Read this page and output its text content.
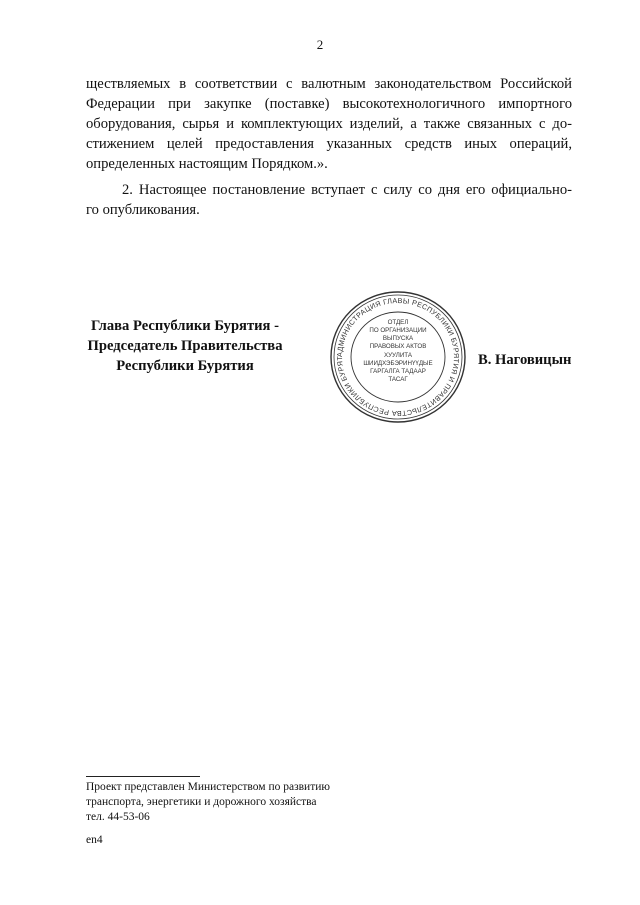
2
ществляемых в соответствии с валютным законодательством Российской
Федерации при закупке (поставке) высокотехнологичного импортного
оборудования, сырья и комплектующих изделий, а также связанных с до-
стижением целей предоставления указанных средств иных операций,
определенных настоящим Порядком.».
2. Настоящее постановление вступает с силу со дня его официально-
го опубликования.
Глава Республики Бурятия -
Председатель Правительства
Республики Бурятия
АДМИНИСТРАЦИЯ ГЛАВЫ РЕСПУБЛИКИ БУРЯТИЯ И ПРАВИТЕЛЬСТВА РЕСПУБЛИКИ БУРЯТ
ОТДЕЛ
ПО ОРГАНИЗАЦИИ
ВЫПУСКА
ПРАВОВЫХ АКТОВ
ХУУЛИТА
ШИИДХЭБЭРИНҮҮДЫЕ
ГАРГАЛГА ТАДААР
ТАСАГ
В. Наговицын
Проект представлен Министерством по развитию
транспорта, энергетики и дорожного хозяйства
тел. 44-53-06
en4
